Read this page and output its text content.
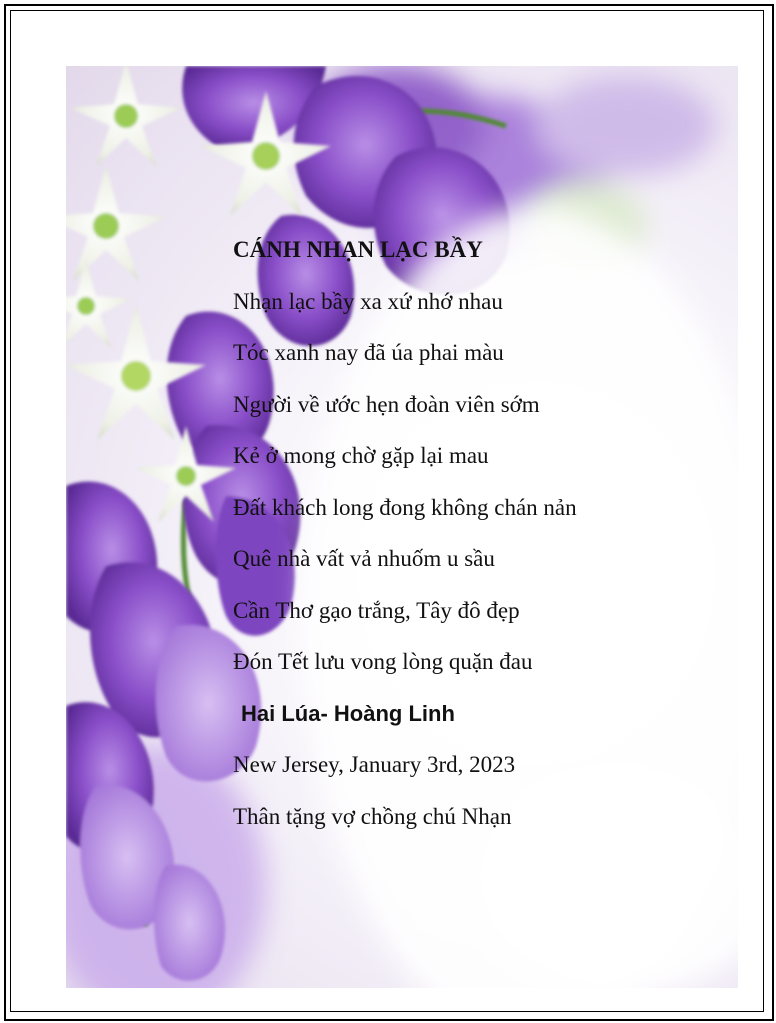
CÁNH NHẠN LẠC BẦY
Nhạn lạc bầy xa xứ nhớ nhau
Tóc xanh nay đã úa phai màu
Người về ước hẹn đoàn viên sớm
Kẻ ở mong chờ gặp lại mau
Đất khách long đong không chán nản
Quê nhà vất vả nhuốm u sầu
Cần Thơ gạo trắng, Tây đô đẹp
Đón Tết lưu vong lòng quặn đau
Hai Lúa- Hoàng Linh
New Jersey, January 3rd, 2023
Thân tặng vợ chồng chú Nhạn
